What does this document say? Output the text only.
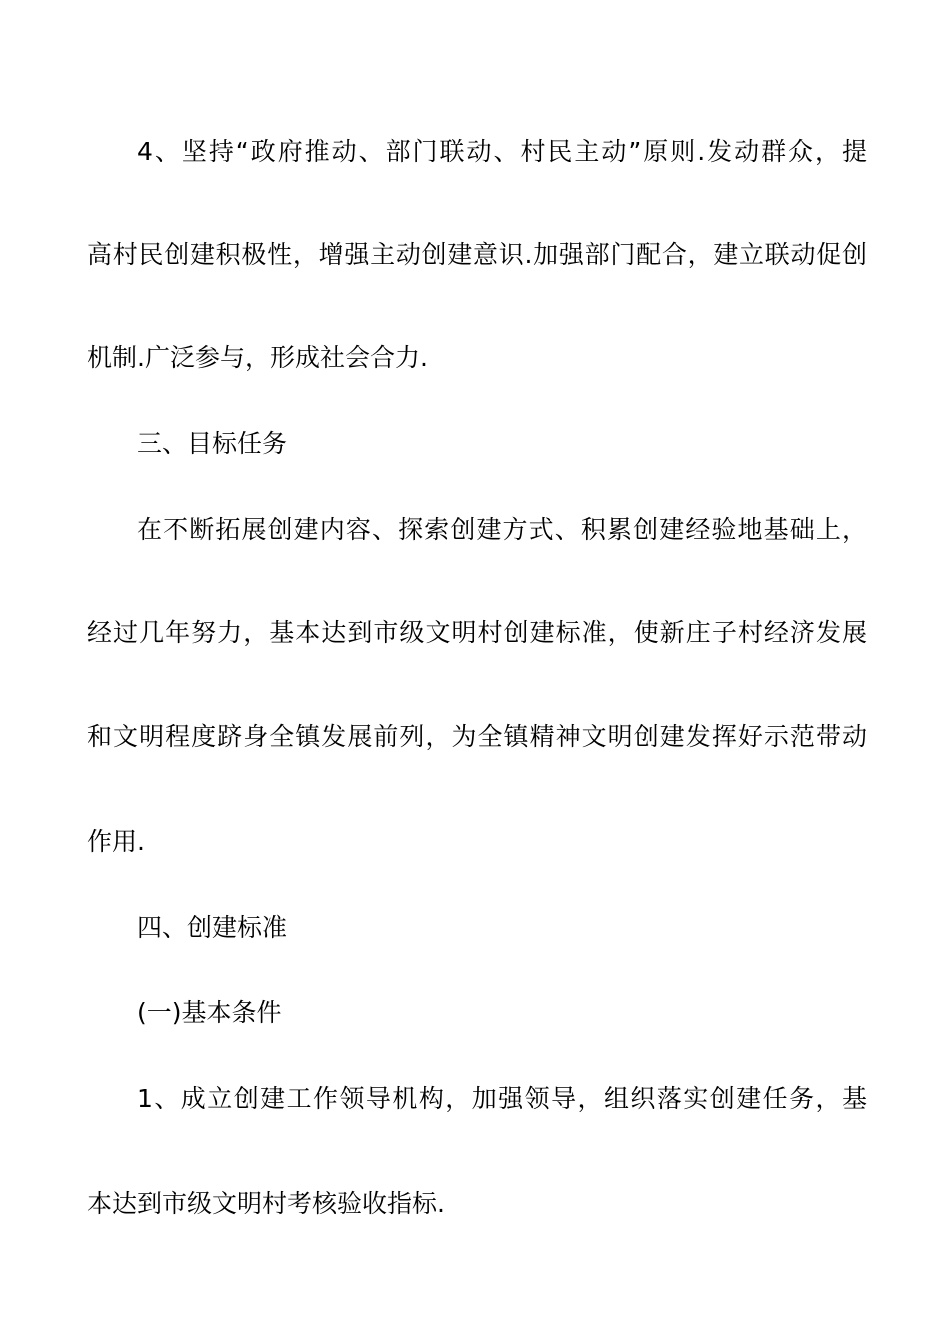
4、坚持“政府推动、部门联动、村民主动”原则.发动群众，提
高村民创建积极性，增强主动创建意识.加强部门配合，建立联动促创
机制.广泛参与，形成社会合力.
三、目标任务
在不断拓展创建内容、探索创建方式、积累创建经验地基础上，
经过几年努力，基本达到市级文明村创建标准，使新庄子村经济发展
和文明程度跻身全镇发展前列，为全镇精神文明创建发挥好示范带动
作用.
四、创建标准
(一)基本条件
1、成立创建工作领导机构，加强领导，组织落实创建任务，基
本达到市级文明村考核验收指标.
